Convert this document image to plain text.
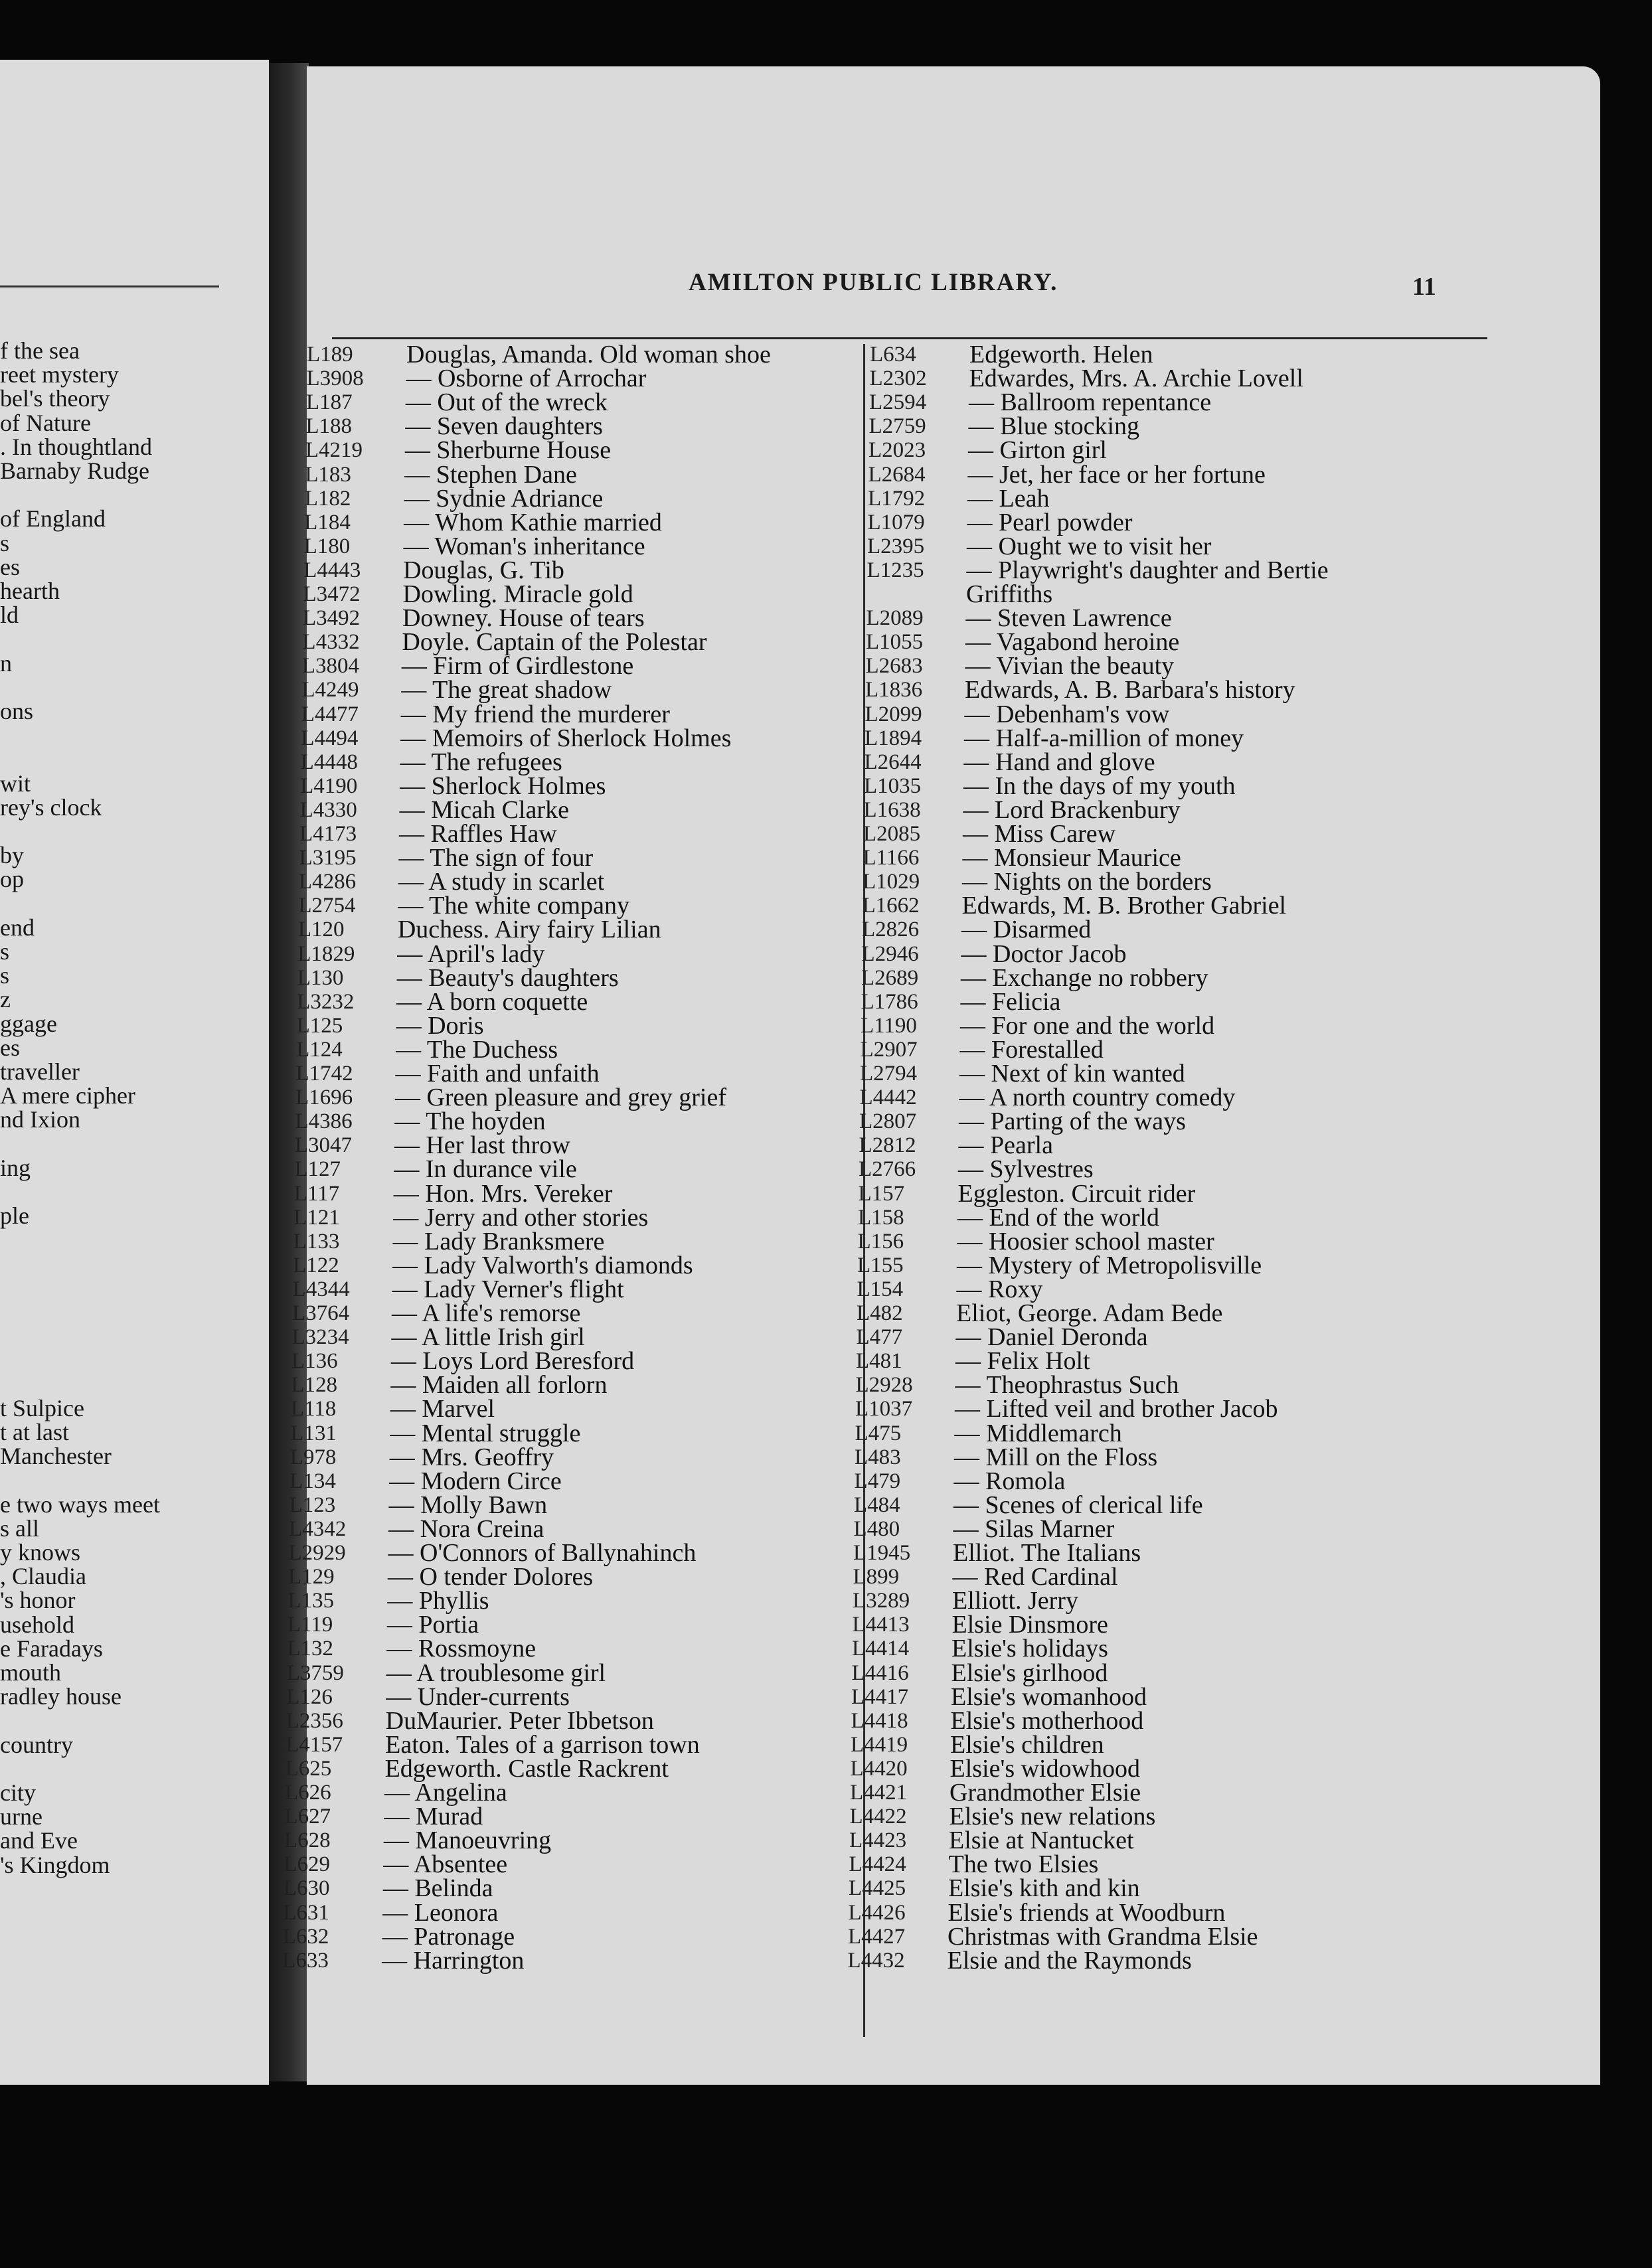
f the sea
reet mystery
bel's theory
of Nature
. In thoughtland
Barnaby Rudge
of England
s
es
hearth
ld
n
ons
wit
rey's clock
by
op
end
s
s
z
ggage
es
traveller
A mere cipher
nd Ixion
ing
ple
t Sulpice
t at last
Manchester
e two ways meet
s all
y knows
, Claudia
's honor
usehold
e Faradays
mouth
radley house
country
city
urne
and Eve
's Kingdom
AMILTON PUBLIC LIBRARY.	11
L189	Douglas, Amanda. Old woman shoe
L3908	— Osborne of Arrochar
L187	— Out of the wreck
L188	— Seven daughters
L4219	— Sherburne House
L183	— Stephen Dane
L182	— Sydnie Adriance
L184	— Whom Kathie married
L180	— Woman's inheritance
L4443	Douglas, G. Tib
L3472	Dowling. Miracle gold
L3492	Downey. House of tears
L4332	Doyle. Captain of the Polestar
L3804	— Firm of Girdlestone
L4249	— The great shadow
L4477	— My friend the murderer
L4494	— Memoirs of Sherlock Holmes
L4448	— The refugees
L4190	— Sherlock Holmes
L4330	— Micah Clarke
L4173	— Raffles Haw
L3195	— The sign of four
L4286	— A study in scarlet
L2754	— The white company
L120	Duchess. Airy fairy Lilian
L1829	— April's lady
L130	— Beauty's daughters
L3232	— A born coquette
L125	— Doris
L124	— The Duchess
L1742	— Faith and unfaith
L1696	— Green pleasure and grey grief
L4386	— The hoyden
L3047	— Her last throw
L127	— In durance vile
L117	— Hon. Mrs. Vereker
L121	— Jerry and other stories
L133	— Lady Branksmere
L122	— Lady Valworth's diamonds
L4344	— Lady Verner's flight
L3764	— A life's remorse
L3234	— A little Irish girl
L136	— Loys Lord Beresford
L128	— Maiden all forlorn
L118	— Marvel
L131	— Mental struggle
L978	— Mrs. Geoffry
L134	— Modern Circe
L123	— Molly Bawn
L4342	— Nora Creina
L2929	— O'Connors of Ballynahinch
L129	— O tender Dolores
L135	— Phyllis
L119	— Portia
L132	— Rossmoyne
L3759	— A troublesome girl
L126	— Under-currents
L2356	DuMaurier. Peter Ibbetson
L4157	Eaton. Tales of a garrison town
L625	Edgeworth. Castle Rackrent
L626	— Angelina
L627	— Murad
L628	— Manoeuvring
L629	— Absentee
L630	— Belinda
L631	— Leonora
L632	— Patronage
L633	— Harrington
L634	Edgeworth. Helen
L2302	Edwardes, Mrs. A. Archie Lovell
L2594	— Ballroom repentance
L2759	— Blue stocking
L2023	— Girton girl
L2684	— Jet, her face or her fortune
L1792	— Leah
L1079	— Pearl powder
L2395	— Ought we to visit her
L1235	— Playwright's daughter and Bertie
Griffiths
L2089	— Steven Lawrence
L1055	— Vagabond heroine
L2683	— Vivian the beauty
L1836	Edwards, A. B. Barbara's history
L2099	— Debenham's vow
L1894	— Half-a-million of money
L2644	— Hand and glove
L1035	— In the days of my youth
L1638	— Lord Brackenbury
L2085	— Miss Carew
L1166	— Monsieur Maurice
L1029	— Nights on the borders
L1662	Edwards, M. B. Brother Gabriel
L2826	— Disarmed
L2946	— Doctor Jacob
L2689	— Exchange no robbery
L1786	— Felicia
L1190	— For one and the world
L2907	— Forestalled
L2794	— Next of kin wanted
L4442	— A north country comedy
L2807	— Parting of the ways
L2812	— Pearla
L2766	— Sylvestres
L157	Eggleston. Circuit rider
L158	— End of the world
L156	— Hoosier school master
L155	— Mystery of Metropolisville
L154	— Roxy
L482	Eliot, George. Adam Bede
L477	— Daniel Deronda
L481	— Felix Holt
L2928	— Theophrastus Such
L1037	— Lifted veil and brother Jacob
L475	— Middlemarch
L483	— Mill on the Floss
L479	— Romola
L484	— Scenes of clerical life
L480	— Silas Marner
L1945	Elliot. The Italians
L899	— Red Cardinal
L3289	Elliott. Jerry
L4413	Elsie Dinsmore
L4414	Elsie's holidays
L4416	Elsie's girlhood
L4417	Elsie's womanhood
L4418	Elsie's motherhood
L4419	Elsie's children
L4420	Elsie's widowhood
L4421	Grandmother Elsie
L4422	Elsie's new relations
L4423	Elsie at Nantucket
L4424	The two Elsies
L4425	Elsie's kith and kin
L4426	Elsie's friends at Woodburn
L4427	Christmas with Grandma Elsie
L4432	Elsie and the Raymonds
